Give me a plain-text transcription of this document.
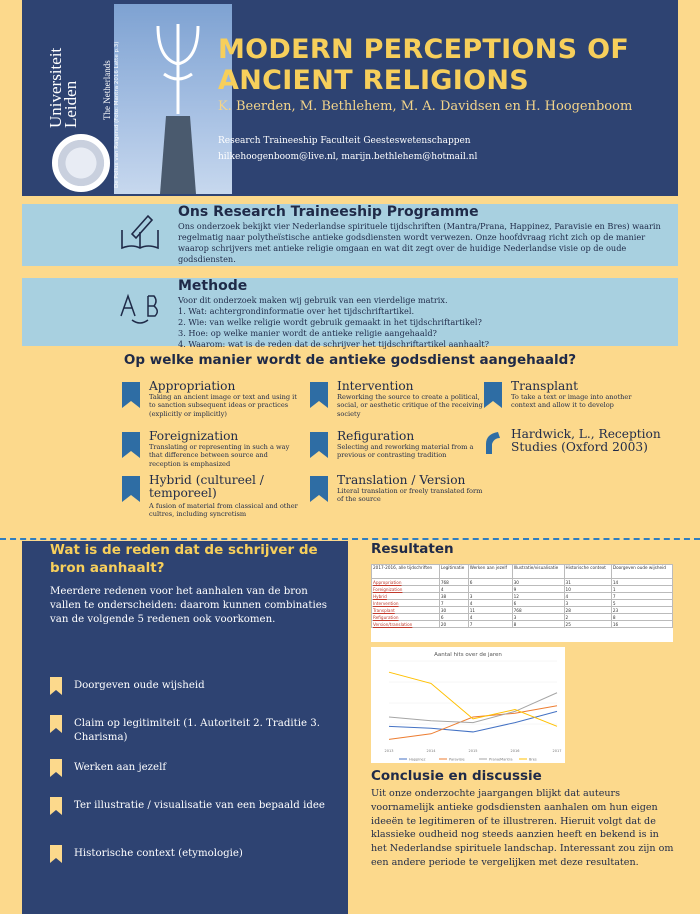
Universiteit Leiden The Netherlands De Pollux van Raigersd (Foto: Mantra 2016 Latte p.3)	MODERN PERCEPTIONS OF ANCIENT RELIGIONS
K. Beerden, M. Bethlehem, M. A. Davidsen en H. Hoogenboom
Research Traineeship Faculteit Geesteswetenschappen
hilkehoogenboom@live.nl, marijn.bethlehem@hotmail.nl
Ons Research Traineeship Programme

Ons onderzoek bekijkt vier Nederlandse spirituele tijdschriften (Mantra/Prana, Happinez, Paravisie en Bres) waarin regelmatig naar polytheïstische antieke godsdiensten wordt verwezen. Onze hoofdvraag richt zich op de manier waarop schrijvers met antieke religie omgaan en wat dit zegt over de huidige Nederlandse visie op de oude godsdiensten.

Methode

Voor dit onderzoek maken wij gebruik van een vierdelige matrix.
1. Wat: achtergrondinformatie over het tijdschriftartikel.
2. Wie: van welke religie wordt gebruik gemaakt in het tijdschriftartikel?
3. Hoe: op welke manier wordt de antieke religie aangehaald?
4. Waarom: wat is de reden dat de schrijver het tijdschriftartikel aanhaalt?

Op welke manier wordt de antieke godsdienst aangehaald?
Appropriation
Taking an ancient image or text and using it to sanction subsequent ideas or practices (explicitly or implicitly)
Foreignization
Translating or representing in such a way that difference between source and reception is emphasized
Hybrid (cultureel / temporeel)
A fusion of material from classical and other cultres, including syncretism
Intervention
Reworking the source to create a political, social, or aesthetic critique of the receiving society
Refiguration
Selecting and reworking material from a previous or contrasting tradition
Translation / Version
Literal translation or freely translated form of the source
Transplant
To take a text or image into another context and allow it to develop
Hardwick, L., Reception Studies (Oxford 2003)
Wat is de reden dat de schrijver de bron aanhaalt?
Meerdere redenen voor het aanhalen van de bron vallen te onderscheiden: daarom kunnen combinaties van de volgende 5 redenen ook voorkomen.
Doorgeven oude wijsheid
Claim op legitimiteit (1. Autoriteit 2. Traditie 3. Charisma)
Werken aan jezelf
Ter illustratie / visualisatie van een bepaald idee
Historische context (etymologie)
Resultaten
2017-2016, alle tijdschriften	Legitimatie	Werken aan jezelf	Illustratie/visualisatie	Historische context	Doorgeven oude wijsheid
Appropriation	768	6	30	31	14
Foreignization	4		9	10	1
Hybrid	38	3	12	4	7
Intervention	7	4	6	3	5
Transplant	30	11	768	28	23
Refiguration	6	4	3	2	8
Version/translation	20	7	8	25	16
Aantal hits over de jaren
2013	2014	2015	2016	2017
Happinez	Paravisie	Prana/Mantra	Bres
Conclusie en discussie
Uit onze onderzochte jaargangen blijkt dat auteurs voornamelijk antieke godsdiensten aanhalen om hun eigen ideeën te legitimeren of te illustreren. Hieruit volgt dat de klassieke oudheid nog steeds aanzien heeft en bekend is in het Nederlandse spirituele landschap. Interessant zou zijn om een andere periode te vergelijken met deze resultaten.
